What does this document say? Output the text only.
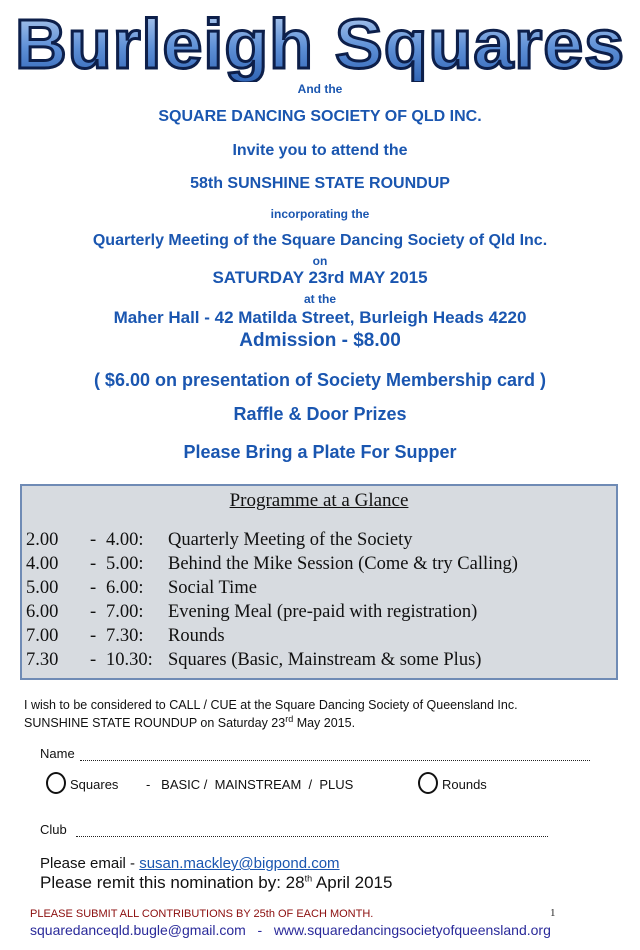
Burleigh Squares
And the
SQUARE DANCING SOCIETY OF QLD INC.
Invite you to attend the
58th SUNSHINE STATE ROUNDUP
incorporating the
Quarterly Meeting of the Square Dancing Society of Qld Inc.
on
SATURDAY 23rd MAY 2015
at the
Maher Hall - 42 Matilda Street, Burleigh Heads 4220
Admission - $8.00
( $6.00 on presentation of Society Membership card )
Raffle & Door Prizes
Please Bring a Plate For Supper
Programme at a Glance
2.00 - 4.00: Quarterly Meeting of the Society
4.00 - 5.00: Behind the Mike Session (Come & try Calling)
5.00 - 6.00: Social Time
6.00 - 7.00: Evening Meal (pre-paid with registration)
7.00 - 7.30: Rounds
7.30 - 10.30: Squares (Basic, Mainstream & some Plus)
I wish to be considered to CALL / CUE at the Square Dancing Society of Queensland Inc.
SUNSHINE STATE ROUNDUP on Saturday 23rd May 2015.
Name
Squares -   BASIC /  MAINSTREAM  /  PLUS	Rounds
Club
Please email - susan.mackley@bigpond.com
Please remit this nomination by: 28th April 2015
PLEASE SUBMIT ALL CONTRIBUTIONS BY 25th OF EACH MONTH.	1
squaredanceqld.bugle@gmail.com - www.squaredancingsocietyofqueensland.org
